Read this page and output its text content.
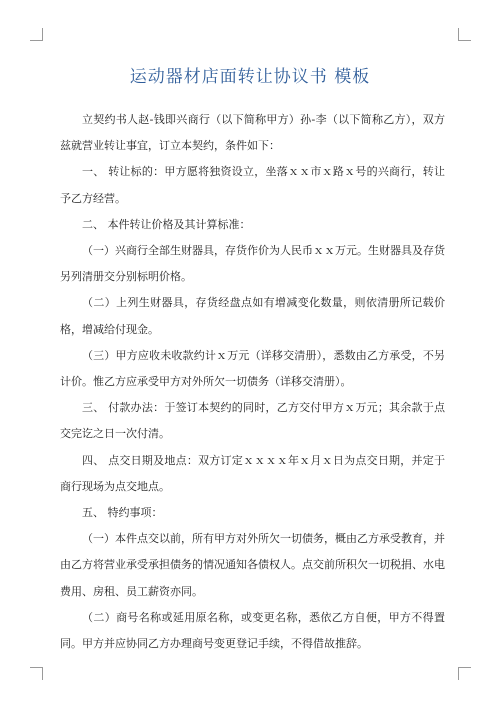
运动器材店面转让协议书 模板

立契约书人赵-钱即兴商行（以下简称甲方）孙-李（以下简称乙方），双方兹就营业转让事宜，订立本契约，条件如下：

一、 转让标的：甲方愿将独资设立，坐落ｘｘ市ｘ路ｘ号的兴商行，转让予乙方经营。

二、 本件转让价格及其计算标准：

（一）兴商行全部生财器具，存货作价为人民币ｘｘ万元。生财器具及存货另列清册交分别标明价格。

（二）上列生财器具，存货经盘点如有增减变化数量，则依清册所记载价格，增减给付现金。

（三）甲方应收未收款约计ｘ万元（详移交清册），悉数由乙方承受，不另计价。惟乙方应承受甲方对外所欠一切债务（详移交清册）。

三、 付款办法：于签订本契约的同时，乙方交付甲方ｘ万元；其余款于点交完讫之日一次付清。

四、 点交日期及地点：双方订定ｘｘｘｘ年ｘ月ｘ日为点交日期，并定于商行现场为点交地点。

五、 特约事项：

（一）本件点交以前，所有甲方对外所欠一切债务，概由乙方承受教育，并由乙方将营业承受承担债务的情况通知各债权人。点交前所积欠一切税捐、水电费用、房租、员工薪资亦同。

（二）商号名称或延用原名称，或变更名称，悉依乙方自便，甲方不得置同。甲方并应协同乙方办理商号变更登记手续，不得借故推辞。
